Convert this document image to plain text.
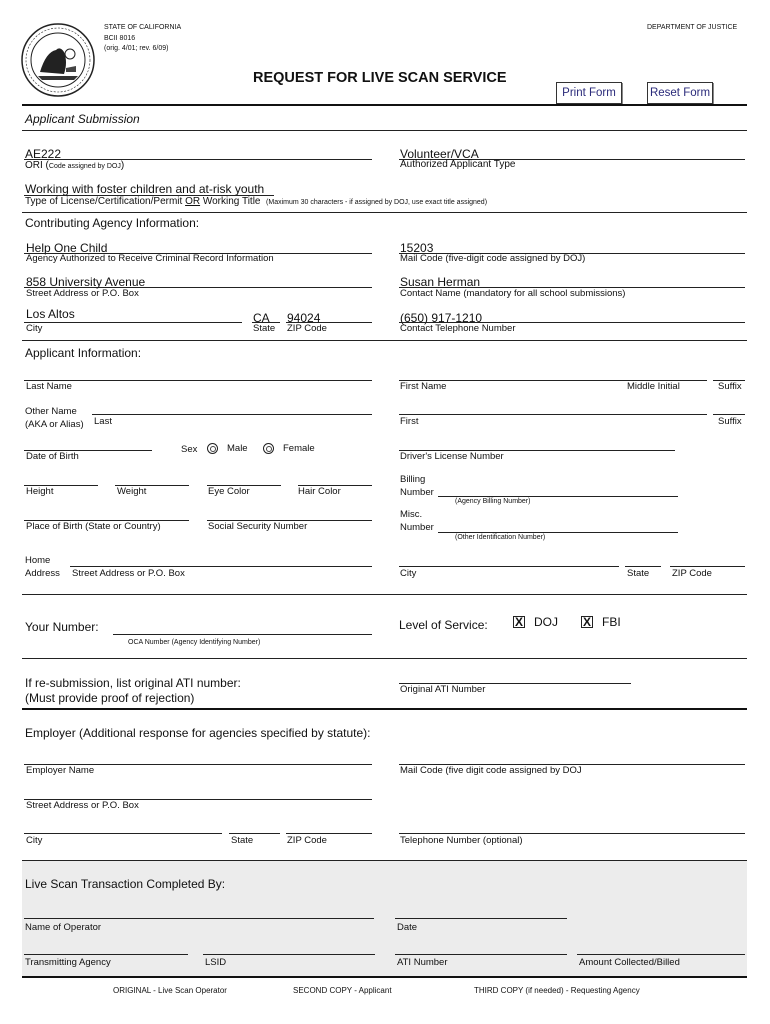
STATE OF CALIFORNIA
BCII 8016
(orig. 4/01; rev. 6/09)
DEPARTMENT OF JUSTICE
REQUEST FOR LIVE SCAN SERVICE
Print Form	Reset Form
Applicant Submission
AE222
ORI (Code assigned by DOJ)
Volunteer/VCA
Authorized Applicant Type
Working with foster children and at-risk youth
Type of License/Certification/Permit OR Working Title (Maximum 30 characters - if assigned by DOJ, use exact title assigned)
Contributing Agency Information:
Help One Child
Agency Authorized to Receive Criminal Record Information
15203
Mail Code (five-digit code assigned by DOJ)
858 University Avenue
Street Address or P.O. Box
Susan Herman
Contact Name (mandatory for all school submissions)
Los Altos	CA 94024
City	State ZIP Code
(650) 917-1210
Contact Telephone Number
Applicant Information:
Last Name	First Name	Middle Initial	Suffix
Other Name
(AKA or Alias) Last	First	Suffix
Date of Birth
Sex	Male	Female
Driver's License Number
Height	Weight	Eye Color	Hair Color
Billing
Number
(Agency Billing Number)
Place of Birth (State or Country)	Social Security Number
Misc.
Number
(Other Identification Number)
Home
Address Street Address or P.O. Box	City	State ZIP Code
Your Number:
OCA Number (Agency Identifying Number)
Level of Service: X DOJ X FBI
If re-submission, list original ATI number:
(Must provide proof of rejection)
Original ATI Number
Employer (Additional response for agencies specified by statute):
Employer Name	Mail Code (five digit code assigned by DOJ
Street Address or P.O. Box
City	State	ZIP Code	Telephone Number (optional)
Live Scan Transaction Completed By:
Name of Operator	Date
Transmitting Agency	LSID	ATI Number	Amount Collected/Billed
ORIGINAL - Live Scan Operator	SECOND COPY - Applicant	THIRD COPY (if needed) - Requesting Agency
